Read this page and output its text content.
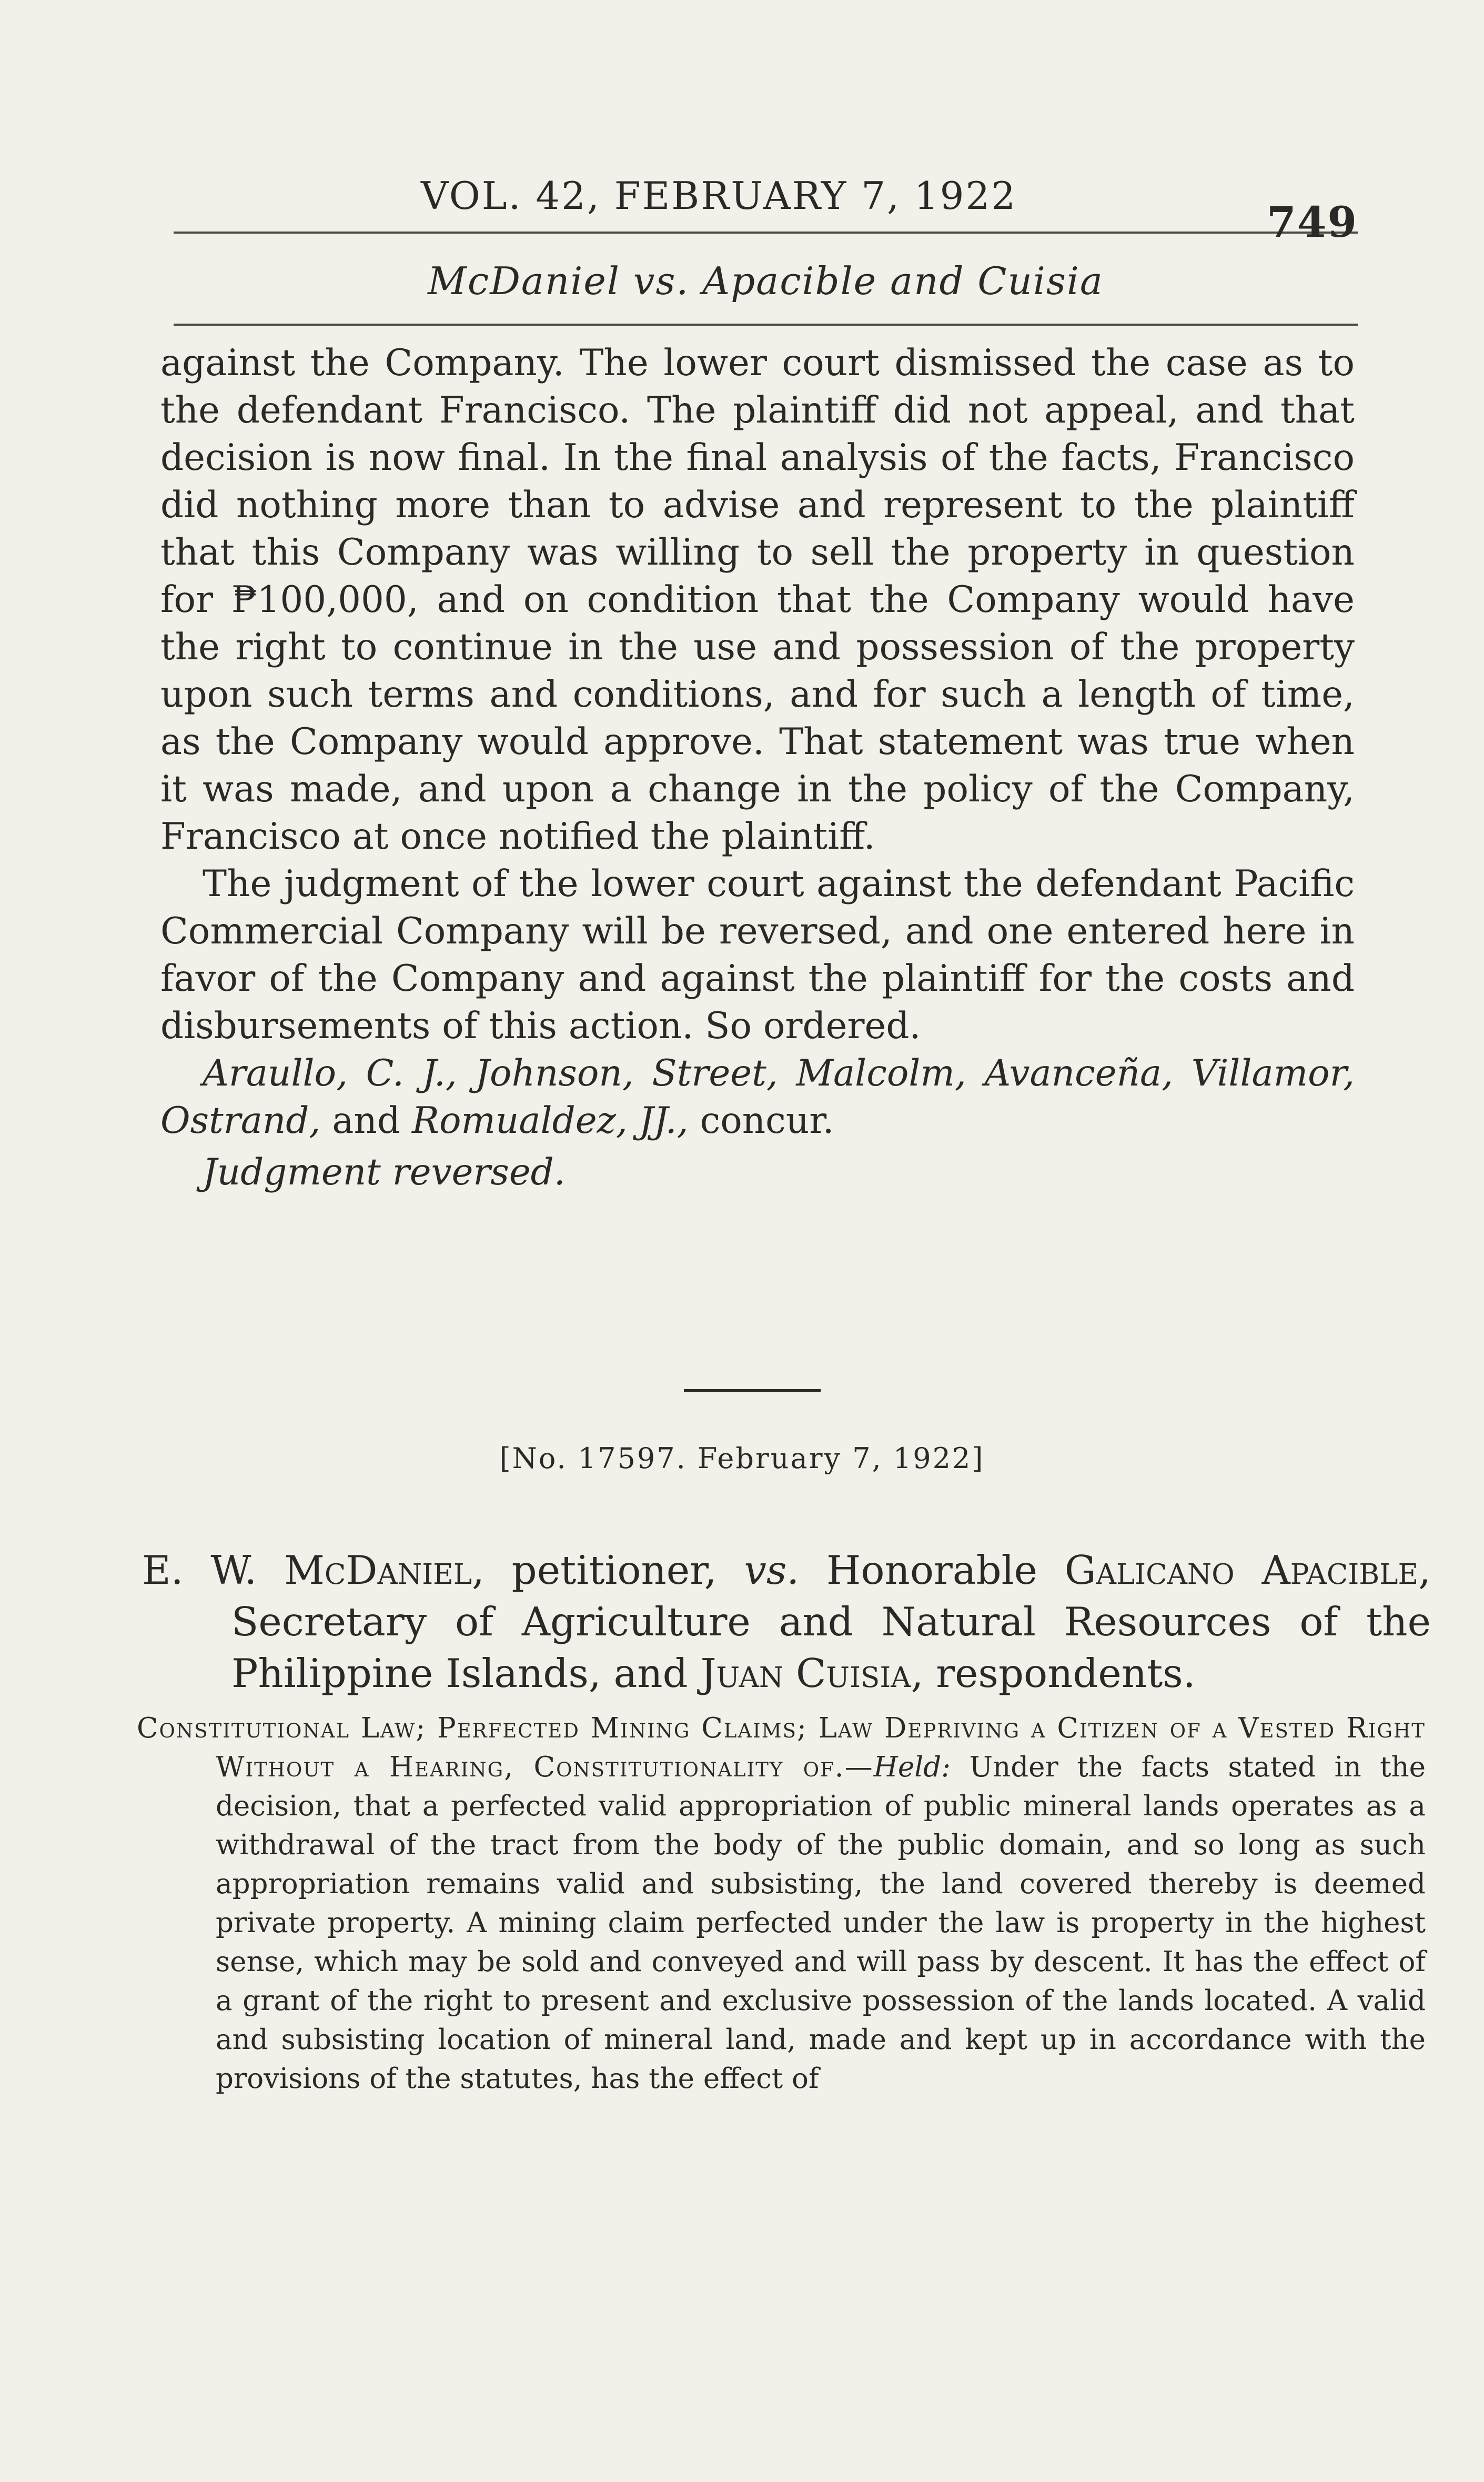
VOL. 42, FEBRUARY 7, 1922
749
McDaniel vs. Apacible and Cuisia

against the Company. The lower court dismissed the case as to the defendant Francisco. The plaintiff did not appeal, and that decision is now final. In the final analysis of the facts, Francisco did nothing more than to advise and represent to the plaintiff that this Company was willing to sell the property in question for ₱100,000, and on condition that the Company would have the right to continue in the use and possession of the property upon such terms and conditions, and for such a length of time, as the Company would approve. That statement was true when it was made, and upon a change in the policy of the Company, Francisco at once notified the plaintiff.

The judgment of the lower court against the defendant Pacific Commercial Company will be reversed, and one entered here in favor of the Company and against the plaintiff for the costs and disbursements of this action. So ordered.

Araullo, C. J., Johnson, Street, Malcolm, Avanceña, Villamor, Ostrand, and Romualdez, JJ., concur.

Judgment reversed.

[No. 17597. February 7, 1922]

E. W. McDaniel, petitioner, vs. Honorable Galicano Apacible, Secretary of Agriculture and Natural Resources of the Philippine Islands, and Juan Cuisia, respondents.

Constitutional Law; Perfected Mining Claims; Law Depriving a Citizen of a Vested Right Without a Hearing, Constitutionality of.—Held: Under the facts stated in the decision, that a perfected valid appropriation of public mineral lands operates as a withdrawal of the tract from the body of the public domain, and so long as such appropriation remains valid and subsisting, the land covered thereby is deemed private property. A mining claim perfected under the law is property in the highest sense, which may be sold and conveyed and will pass by descent. It has the effect of a grant of the right to present and exclusive possession of the lands located. A valid and subsisting location of mineral land, made and kept up in accordance with the provisions of the statutes, has the effect of
